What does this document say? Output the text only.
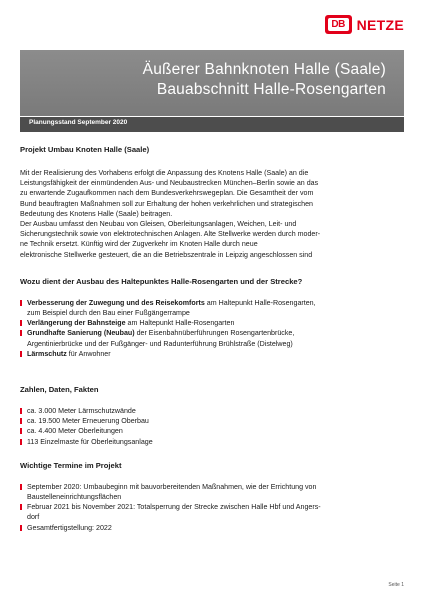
DB NETZE
Äußerer Bahnknoten Halle (Saale)
Bauabschnitt Halle-Rosengarten
Planungsstand September 2020
Projekt Umbau Knoten Halle (Saale)
Mit der Realisierung des Vorhabens erfolgt die Anpassung des Knotens Halle (Saale) an die
Leistungsfähigkeit der einmündenden Aus- und Neubaustrecken München–Berlin sowie an das
zu erwartende Zugaufkommen nach dem Bundesverkehrswegeplan. Die Gesamtheit der vom
Bund beauftragten Maßnahmen soll zur Erhaltung der hohen verkehrlichen und strategischen
Bedeutung des Knotens Halle (Saale) beitragen.
Der Ausbau umfasst den Neubau von Gleisen, Oberleitungsanlagen, Weichen, Leit- und
Sicherungstechnik sowie von elektrotechnischen Anlagen. Alte Stellwerke werden durch moder-
ne Technik ersetzt. Künftig wird der Zugverkehr im Knoten Halle durch neue
elektronische Stellwerke gesteuert, die an die Betriebszentrale in Leipzig angeschlossen sind
Wozu dient der Ausbau des Haltepunktes Halle-Rosengarten und der Strecke?
Verbesserung der Zuwegung und des Reisekomforts am Haltepunkt Halle-Rosengarten,
zum Beispiel durch den Bau einer Fußgängerrampe
Verlängerung der Bahnsteige am Haltepunkt Halle-Rosengarten
Grundhafte Sanierung (Neubau) der Eisenbahnüberführungen Rosengartenbrücke,
Argentinierbrücke und der Fußgänger- und Radunterführung Brühlstraße (Distelweg)
Lärmschutz für Anwohner
Zahlen, Daten, Fakten
ca. 3.000 Meter Lärmschutzwände
ca. 19.500 Meter Erneuerung Oberbau
ca. 4.400 Meter Oberleitungen
113 Einzelmaste für Oberleitungsanlage
Wichtige Termine im Projekt
September 2020: Umbaubeginn mit bauvorbereitenden Maßnahmen, wie der Errichtung von
Baustelleneinrichtungsflächen
Februar 2021 bis November 2021: Totalsperrung der Strecke zwischen Halle Hbf und Angers-
dorf
Gesamtfertigstellung: 2022
Seite 1
